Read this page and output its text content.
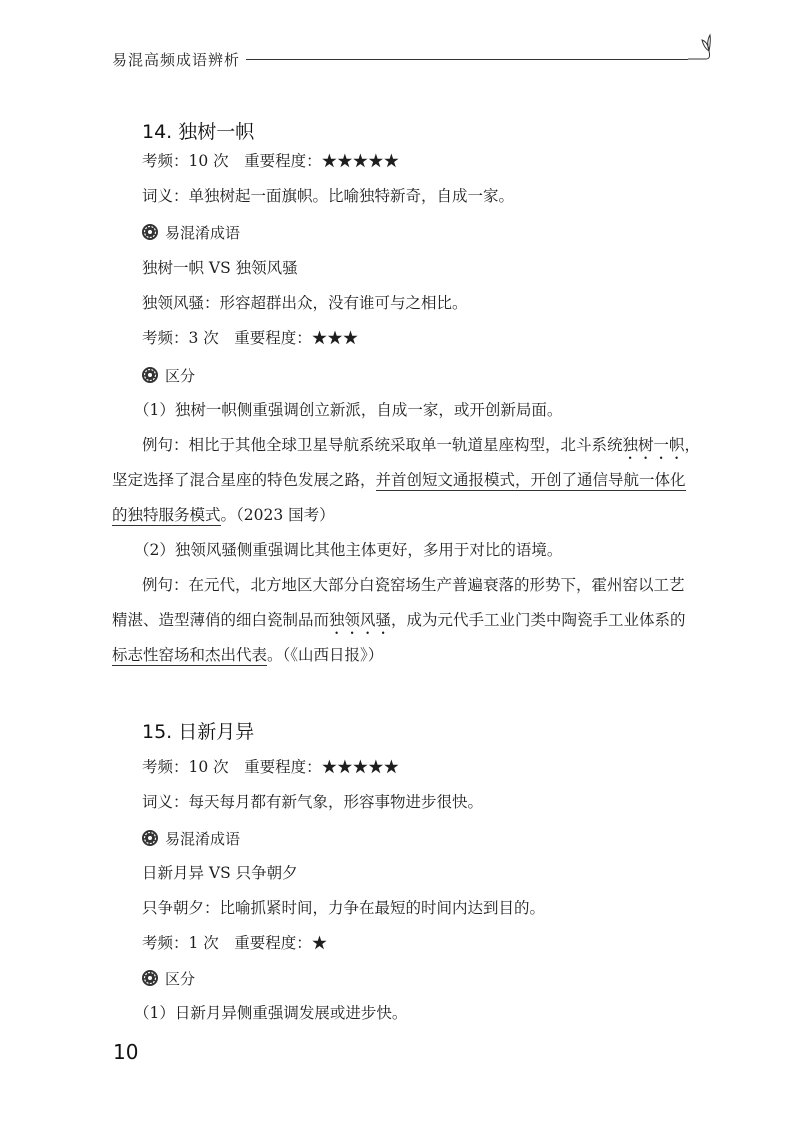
易混高频成语辨析
14. 独树一帜
考频：10 次　重要程度：★★★★★
词义：单独树起一面旗帜。比喻独特新奇，自成一家。
易混淆成语
独树一帜 VS 独领风骚
独领风骚：形容超群出众，没有谁可与之相比。
考频：3 次　重要程度：★★★
区分
（1）独树一帜侧重强调创立新派，自成一家，或开创新局面。
例句：相比于其他全球卫星导航系统采取单一轨道星座构型，北斗系统独树一帜，
坚定选择了混合星座的特色发展之路，并首创短文通报模式，开创了通信导航一体化
的独特服务模式。（2023 国考）
（2）独领风骚侧重强调比其他主体更好，多用于对比的语境。
例句：在元代，北方地区大部分白瓷窑场生产普遍衰落的形势下，霍州窑以工艺
精湛、造型薄俏的细白瓷制品而独领风骚，成为元代手工业门类中陶瓷手工业体系的
标志性窑场和杰出代表。（《山西日报》）
15. 日新月异
考频：10 次　重要程度：★★★★★
词义：每天每月都有新气象，形容事物进步很快。
易混淆成语
日新月异 VS 只争朝夕
只争朝夕：比喻抓紧时间，力争在最短的时间内达到目的。
考频：1 次　重要程度：★
区分
（1）日新月异侧重强调发展或进步快。
10
